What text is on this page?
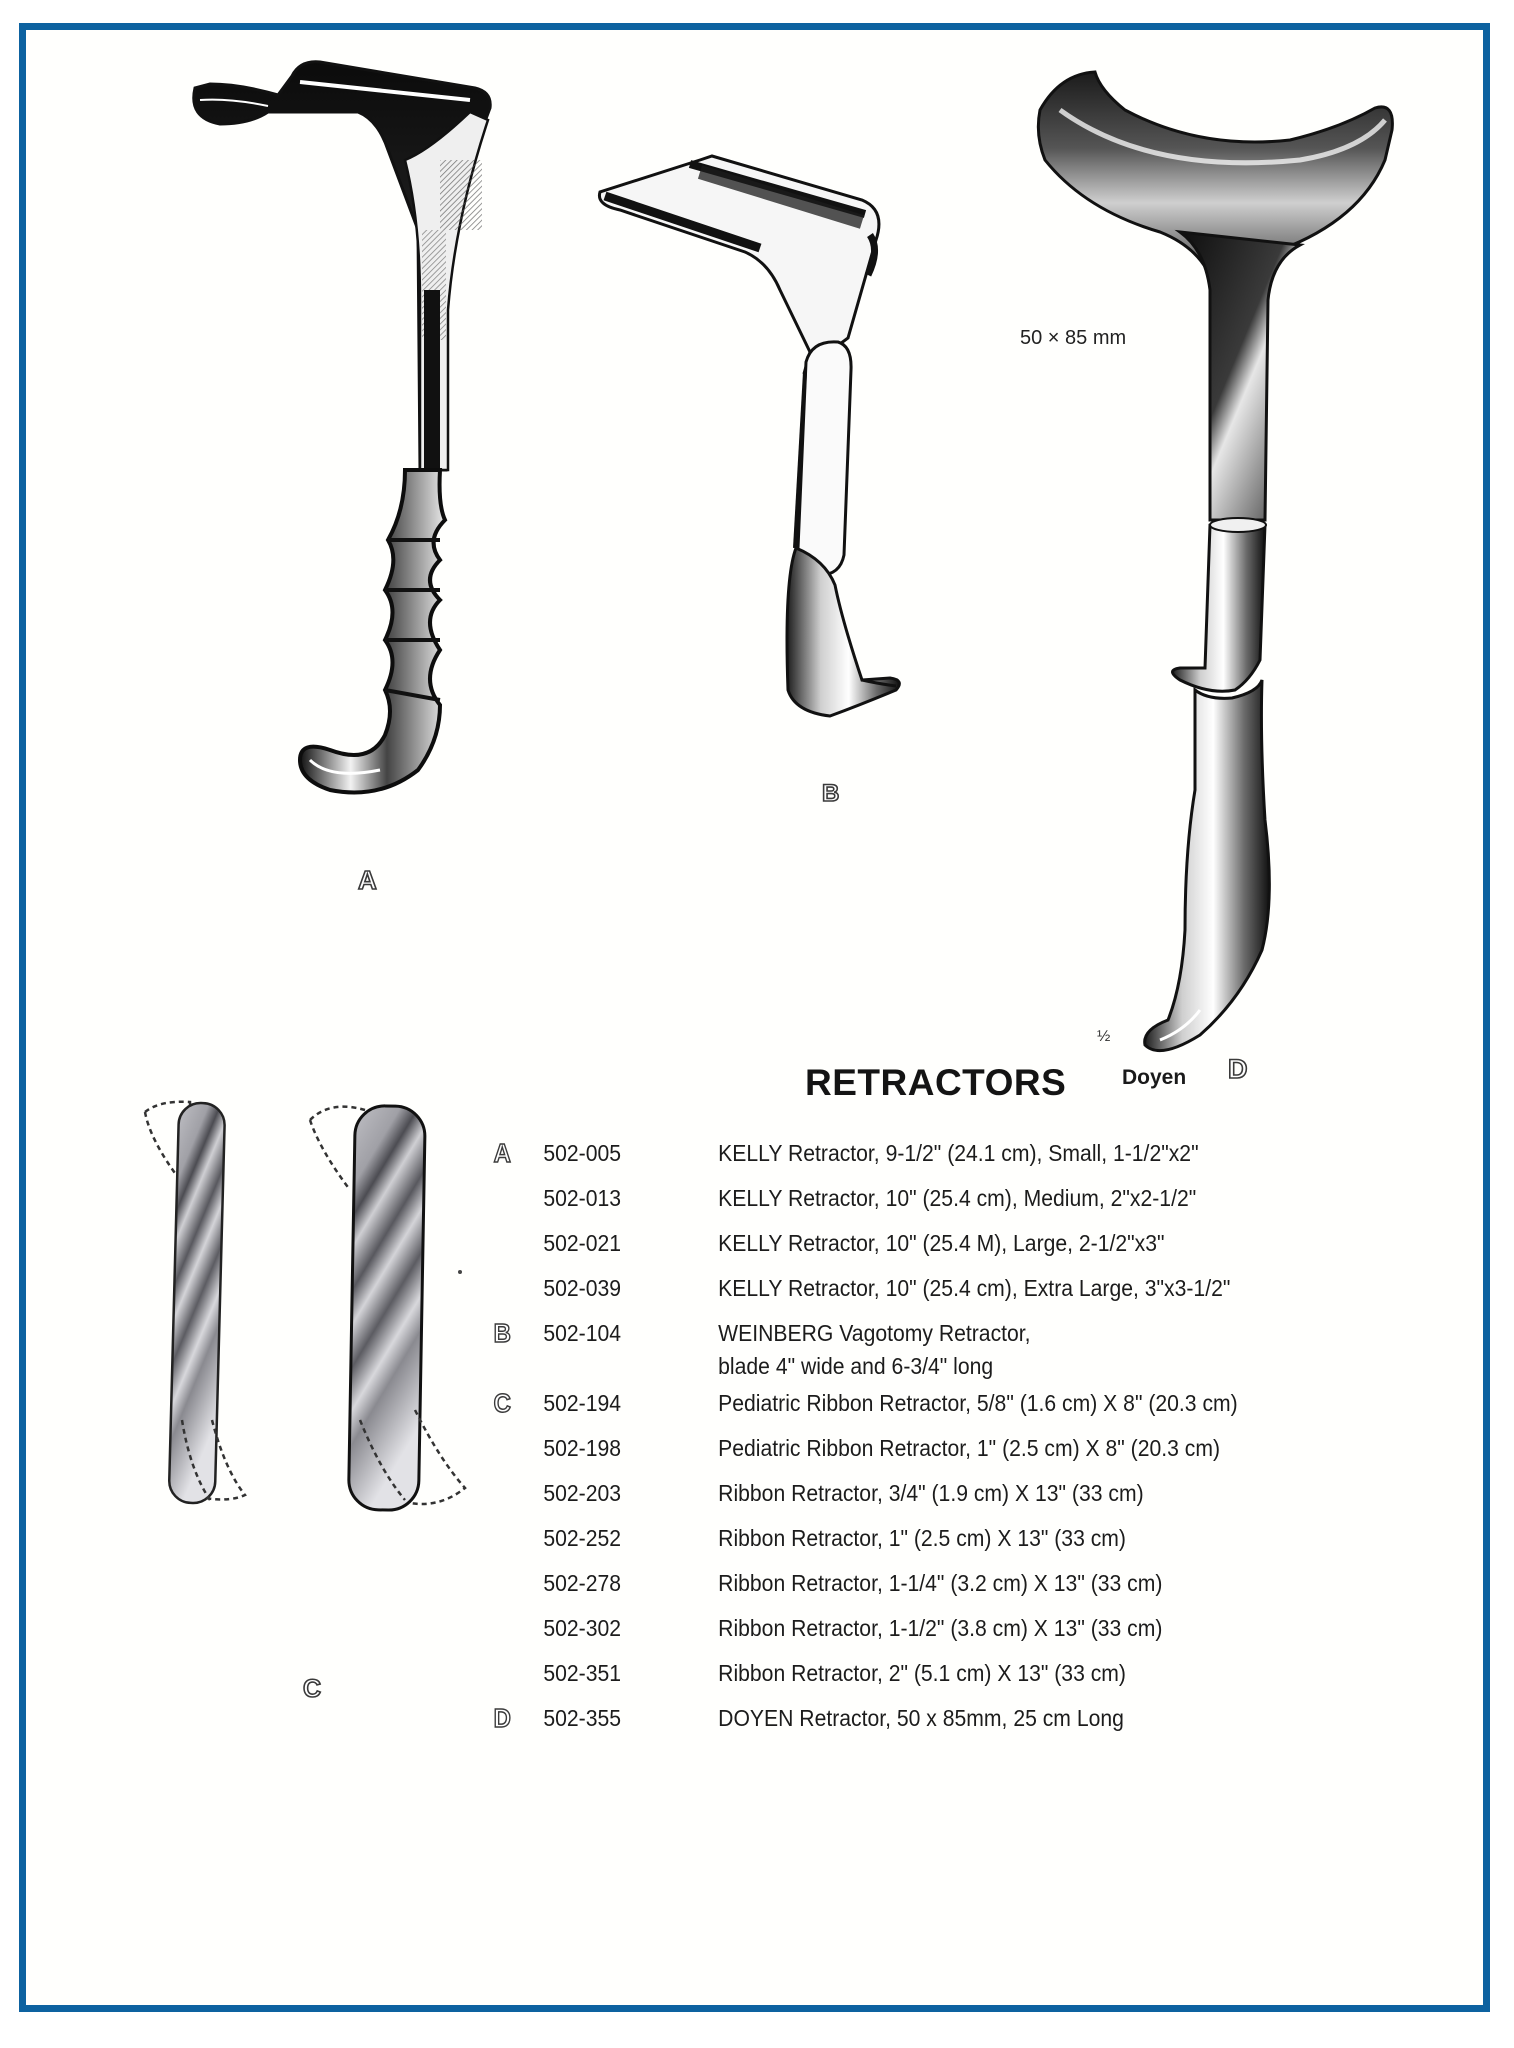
A
B
50 × 85 mm
½
Doyen D
C
RETRACTORS
A	502-005	KELLY Retractor, 9-1/2" (24.1 cm), Small, 1-1/2"x2"
502-013	KELLY Retractor, 10" (25.4 cm), Medium, 2"x2-1/2"
502-021	KELLY Retractor, 10" (25.4 M), Large, 2-1/2"x3"
502-039	KELLY Retractor, 10" (25.4 cm), Extra Large, 3"x3-1/2"
B	502-104	WEINBERG Vagotomy Retractor,
blade 4" wide and 6-3/4" long
C	502-194	Pediatric Ribbon Retractor, 5/8" (1.6 cm) X 8" (20.3 cm)
502-198	Pediatric Ribbon Retractor, 1" (2.5 cm) X 8" (20.3 cm)
502-203	Ribbon Retractor, 3/4" (1.9 cm) X 13" (33 cm)
502-252	Ribbon Retractor, 1" (2.5 cm) X 13" (33 cm)
502-278	Ribbon Retractor, 1-1/4" (3.2 cm) X 13" (33 cm)
502-302	Ribbon Retractor, 1-1/2" (3.8 cm) X 13" (33 cm)
502-351	Ribbon Retractor, 2" (5.1 cm) X 13" (33 cm)
D	502-355	DOYEN Retractor, 50 x 85mm, 25 cm Long
